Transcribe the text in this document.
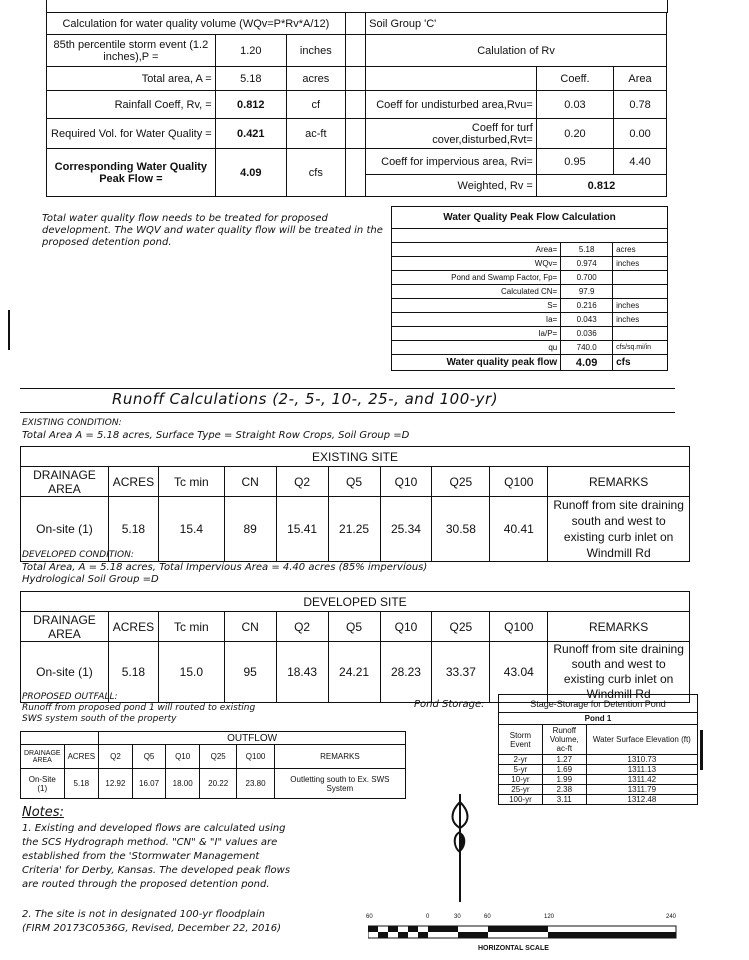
Calculation for water quality volume (WQv=P*Rv*A/12)				Soil Group 'C'		
85th percentile storm event (1.2 inches),P =	1.20	inches		Calulation of Rv		
Total area, A =	5.18	acres			Coeff.	Area
Rainfall Coeff, Rv, =	0.812	cf		Coeff for undisturbed area,Rvu=	0.03	0.78
Required Vol. for Water Quality =	0.421	ac-ft		Coeff for turf cover,disturbed,Rvt=	0.20	0.00
Corresponding Water Quality Peak Flow =	4.09	cfs		Coeff for impervious area, Rvi=	0.95	4.40
				Weighted, Rv =	0.812	
Total water quality flow needs to be treated for proposed development. The WQV and water quality flow will be treated in the proposed detention pond.
Water Quality Peak Flow Calculation		

Area=	5.18	acres
WQv=	0.974	inches
Pond and Swamp Factor, Fp=	0.700	
Calculated CN=	97.9	
S=	0.216	inches
Ia=	0.043	inches
Ia/P=	0.036	
qu	740.0	cfs/sq.mi/in
Water quality peak flow	4.09	cfs
Runoff Calculations (2-, 5-, 10-, 25-, and 100-yr)
EXISTING CONDITION:
Total Area A = 5.18 acres, Surface Type = Straight Row Crops, Soil Group =D
EXISTING SITE									
DRAINAGE AREA	ACRES	Tc min	CN	Q2	Q5	Q10	Q25	Q100	REMARKS
On-site (1)	5.18	15.4	89	15.41	21.25	25.34	30.58	40.41	Runoff from site draining south and west to existing curb inlet on Windmill Rd
DEVELOPED CONDITION:
Total Area, A = 5.18 acres, Total Impervious Area = 4.40 acres (85% impervious)
Hydrological Soil Group =D
DEVELOPED SITE									
DRAINAGE AREA	ACRES	Tc min	CN	Q2	Q5	Q10	Q25	Q100	REMARKS
On-site (1)	5.18	15.0	95	18.43	24.21	28.23	33.37	43.04	Runoff from site draining south and west to existing curb inlet on Windmill Rd
PROPOSED OUTFALL:
Runoff from proposed pond 1 will routed to existing
SWS system south of the property
Pond Storage:
		OUTFLOW					
DRAINAGE AREA	ACRES	Q2	Q5	Q10	Q25	Q100	REMARKS
On-Site (1)	5.18	12.92	16.07	18.00	20.22	23.80	Outletting south to Ex. SWS System
Stage-Storage for Detention Pond		
Pond 1		
Storm Event	Runoff Volume, ac-ft	Water Surface Elevation (ft)
2-yr	1.27	1310.73
5-yr	1.69	1311.13
10-yr	1.99	1311.42
25-yr	2.38	1311.79
100-yr	3.11	1312.48
Notes:
1. Existing and developed flows are calculated using the SCS Hydrograph method. "CN" & "I" values are established from the 'Stormwater Management Criteria' for Derby, Kansas. The developed peak flows are routed through the proposed detention pond.
2. The site is not in designated 100-yr floodplain (FIRM 20173C0536G, Revised, December 22, 2016)
60	0	30	60	120	240
HORIZONTAL SCALE
